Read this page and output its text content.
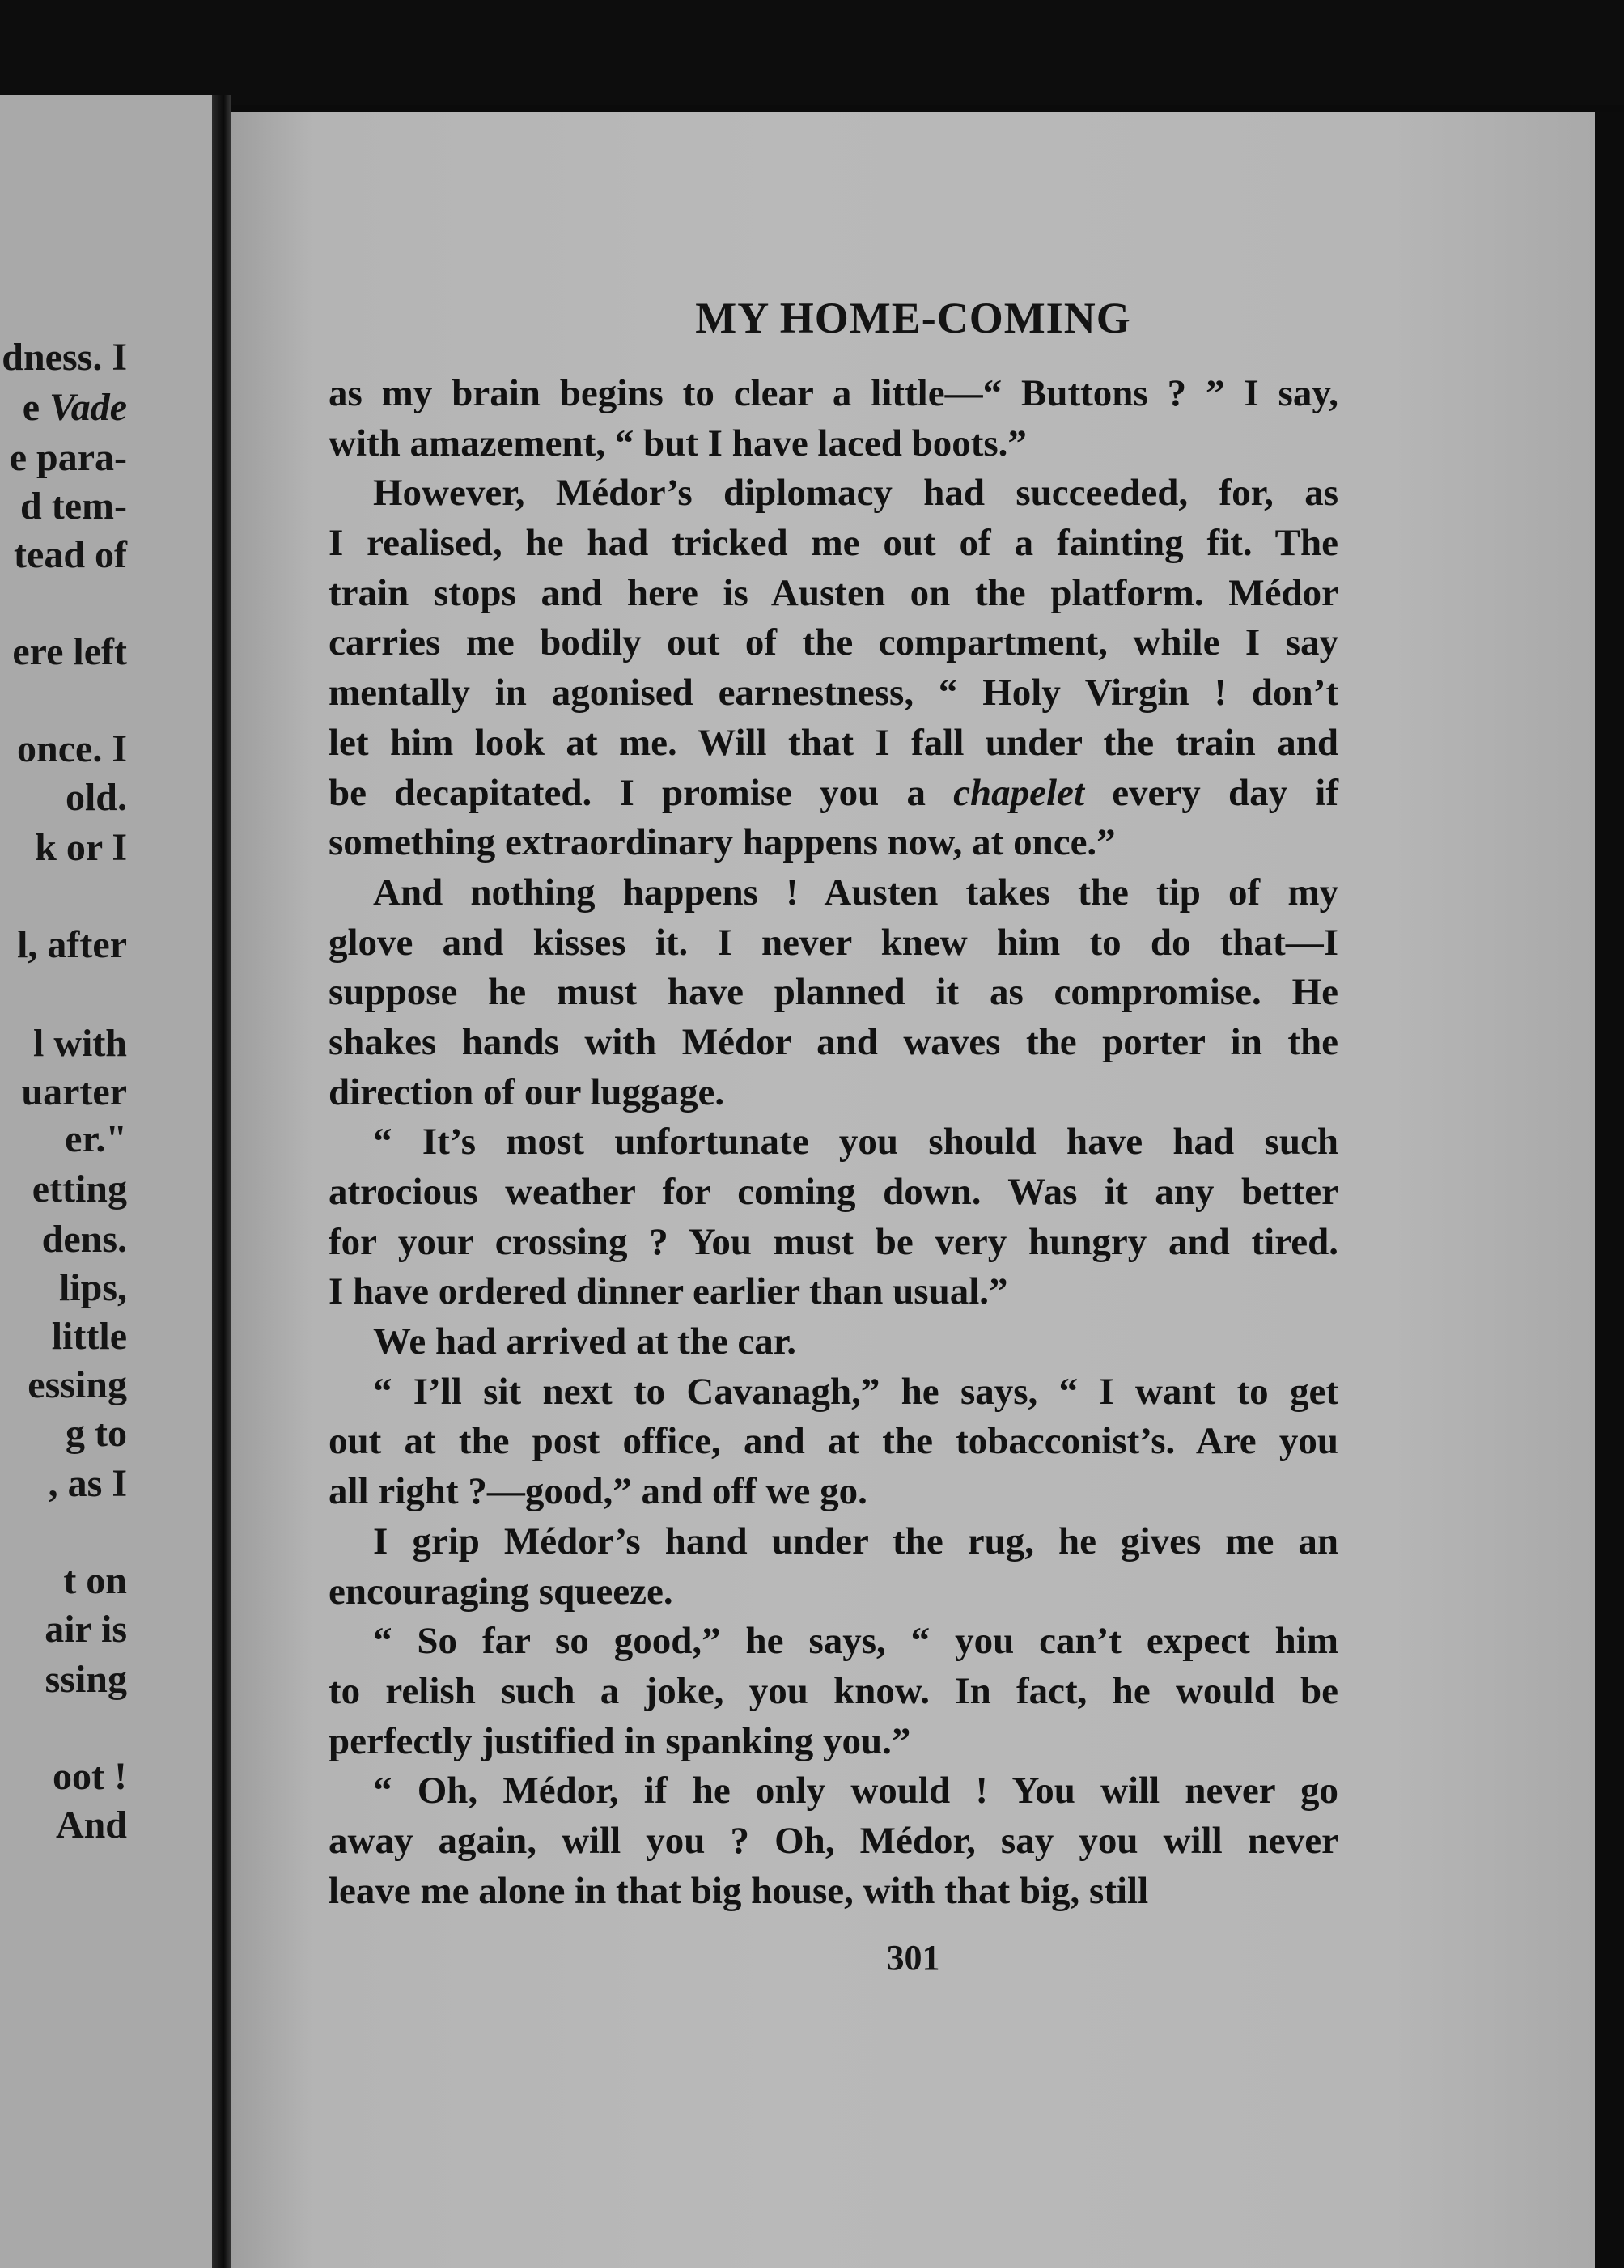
dness. I
e Vade
e para-
d tem-
tead of
ere left
once. I
old.
k or I
l, after
l with
uarter
er."
etting
dens.
lips,
little
essing
g to
, as I
t on
air is
ssing
oot !
And
MY HOME-COMING
as my brain begins to clear a little—“ Buttons ? ” I say,
with amazement, “ but I have laced boots.”
However, Médor’s diplomacy had succeeded, for, as
I realised, he had tricked me out of a fainting fit. The
train stops and here is Austen on the platform. Médor
carries me bodily out of the compartment, while I say
mentally in agonised earnestness, “ Holy Virgin ! don’t
let him look at me. Will that I fall under the train and
be decapitated. I promise you a chapelet every day if
something extraordinary happens now, at once.”
And nothing happens ! Austen takes the tip of my
glove and kisses it. I never knew him to do that—I
suppose he must have planned it as compromise. He
shakes hands with Médor and waves the porter in the
direction of our luggage.
“ It’s most unfortunate you should have had such
atrocious weather for coming down. Was it any better
for your crossing ? You must be very hungry and tired.
I have ordered dinner earlier than usual.”
We had arrived at the car.
“ I’ll sit next to Cavanagh,” he says, “ I want to get
out at the post office, and at the tobacconist’s. Are you
all right ?—good,” and off we go.
I grip Médor’s hand under the rug, he gives me an
encouraging squeeze.
“ So far so good,” he says, “ you can’t expect him
to relish such a joke, you know. In fact, he would be
perfectly justified in spanking you.”
“ Oh, Médor, if he only would ! You will never go
away again, will you ? Oh, Médor, say you will never
leave me alone in that big house, with that big, still
301
